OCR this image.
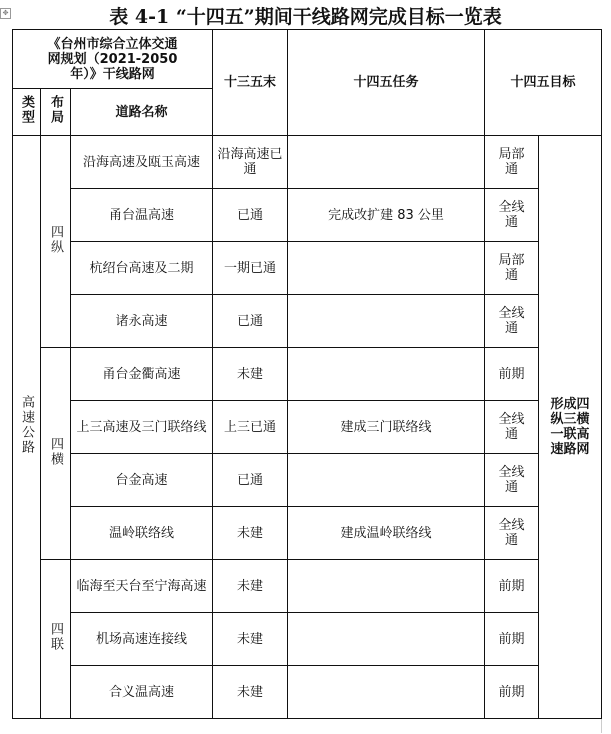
✥	表 4-1 “十四五”期间干线路网完成目标一览表
《台州市综合立体交通网规划（2021-2050 年）》干线路网			十三五末	十四五任务	十四五目标	
类型	布局	道路名称				
高速公路	四纵	沿海高速及瓯玉高速	沿海高速已通		局部通	形成四纵三横一联高速路网
		甬台温高速	已通	完成改扩建 83 公里	全线通	
		杭绍台高速及二期	一期已通		局部通	
		诸永高速	已通		全线通	
	四横	甬台金衢高速	未建		前期	
		上三高速及三门联络线	上三已通	建成三门联络线	全线通	
		台金高速	已通		全线通	
		温岭联络线	未建	建成温岭联络线	全线通	
	四联	临海至天台至宁海高速	未建		前期	
		机场高速连接线	未建		前期	
		合义温高速	未建		前期	
